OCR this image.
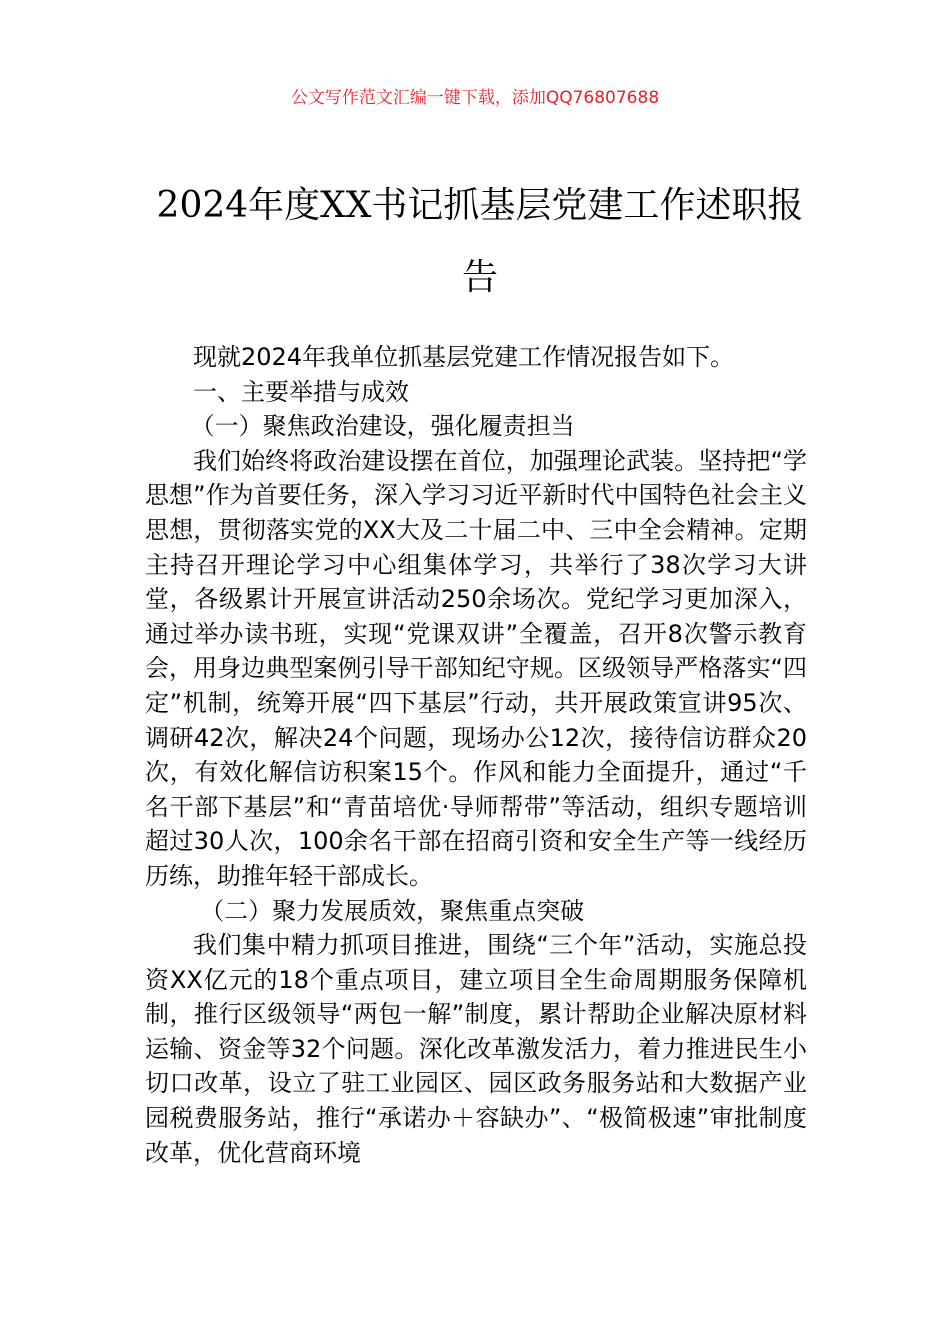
公文写作范文汇编一键下载，添加QQ76807688
2024年度XX书记抓基层党建工作述职报告

现就2024年我单位抓基层党建工作情况报告如下。

一、主要举措与成效

（一）聚焦政治建设，强化履责担当

我们始终将政治建设摆在首位，加强理论武装。坚持把“学思想”作为首要任务，深入学习习近平新时代中国特色社会主义思想，贯彻落实党的XX大及二十届二中、三中全会精神。定期主持召开理论学习中心组集体学习，共举行了38次学习大讲堂，各级累计开展宣讲活动250余场次。党纪学习更加深入，通过举办读书班，实现“党课双讲”全覆盖，召开8次警示教育会，用身边典型案例引导干部知纪守规。区级领导严格落实“四定”机制，统筹开展“四下基层”行动，共开展政策宣讲95次、调研42次，解决24个问题，现场办公12次，接待信访群众20次，有效化解信访积案15个。作风和能力全面提升，通过“千名干部下基层”和“青苗培优·导师帮带”等活动，组织专题培训超过30人次，100余名干部在招商引资和安全生产等一线经历历练，助推年轻干部成长。

（二）聚力发展质效，聚焦重点突破

我们集中精力抓项目推进，围绕“三个年”活动，实施总投资XX亿元的18个重点项目，建立项目全生命周期服务保障机制，推行区级领导“两包一解”制度，累计帮助企业解决原材料运输、资金等32个问题。深化改革激发活力，着力推进民生小切口改革，设立了驻工业园区、园区政务服务站和大数据产业园税费服务站，推行“承诺办＋容缺办”、“极简极速”审批制度改革，优化营商环境
